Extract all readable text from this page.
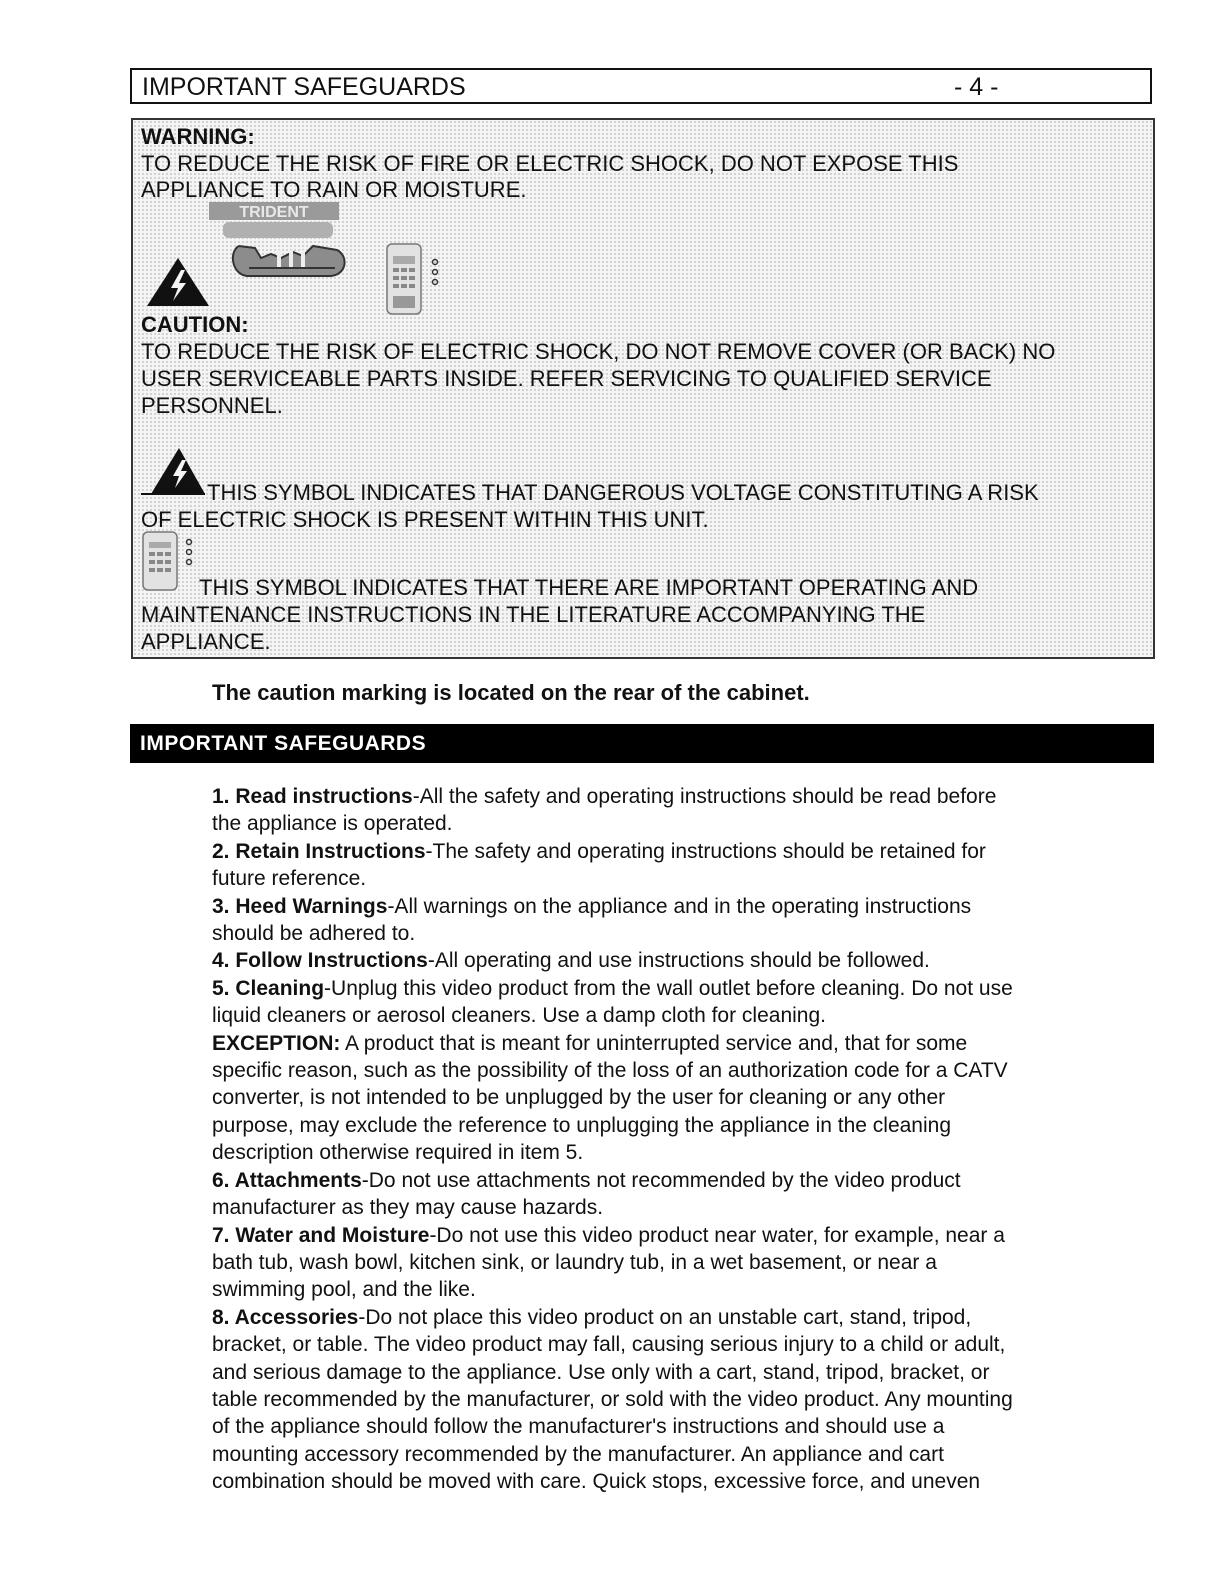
IMPORTANT SAFEGUARDS	- 4 -
WARNING:
TO REDUCE THE RISK OF FIRE OR ELECTRIC SHOCK, DO NOT EXPOSE THIS
APPLIANCE TO RAIN OR MOISTURE.
TRIDENT
CAUTION:
TO REDUCE THE RISK OF ELECTRIC SHOCK, DO NOT REMOVE COVER (OR BACK) NO
USER SERVICEABLE PARTS INSIDE. REFER SERVICING TO QUALIFIED SERVICE
PERSONNEL.
THIS SYMBOL INDICATES THAT DANGEROUS VOLTAGE CONSTITUTING A RISK
OF ELECTRIC SHOCK IS PRESENT WITHIN THIS UNIT.
THIS SYMBOL INDICATES THAT THERE ARE IMPORTANT OPERATING AND
MAINTENANCE INSTRUCTIONS IN THE LITERATURE ACCOMPANYING THE
APPLIANCE.
The caution marking is located on the rear of the cabinet.
IMPORTANT SAFEGUARDS

1. Read instructions-All the safety and operating instructions should be read before

the appliance is operated.

2. Retain Instructions-The safety and operating instructions should be retained for

future reference.

3. Heed Warnings-All warnings on the appliance and in the operating instructions

should be adhered to.

4. Follow Instructions-All operating and use instructions should be followed.

5. Cleaning-Unplug this video product from the wall outlet before cleaning. Do not use

liquid cleaners or aerosol cleaners. Use a damp cloth for cleaning.

EXCEPTION: A product that is meant for uninterrupted service and, that for some

specific reason, such as the possibility of the loss of an authorization code for a CATV

converter, is not intended to be unplugged by the user for cleaning or any other

purpose, may exclude the reference to unplugging the appliance in the cleaning

description otherwise required in item 5.

6. Attachments-Do not use attachments not recommended by the video product

manufacturer as they may cause hazards.

7. Water and Moisture-Do not use this video product near water, for example, near a

bath tub, wash bowl, kitchen sink, or laundry tub, in a wet basement, or near a

swimming pool, and the like.

8. Accessories-Do not place this video product on an unstable cart, stand, tripod,

bracket, or table. The video product may fall, causing serious injury to a child or adult,

and serious damage to the appliance. Use only with a cart, stand, tripod, bracket, or

table recommended by the manufacturer, or sold with the video product. Any mounting

of the appliance should follow the manufacturer's instructions and should use a

mounting accessory recommended by the manufacturer. An appliance and cart

combination should be moved with care. Quick stops, excessive force, and uneven
